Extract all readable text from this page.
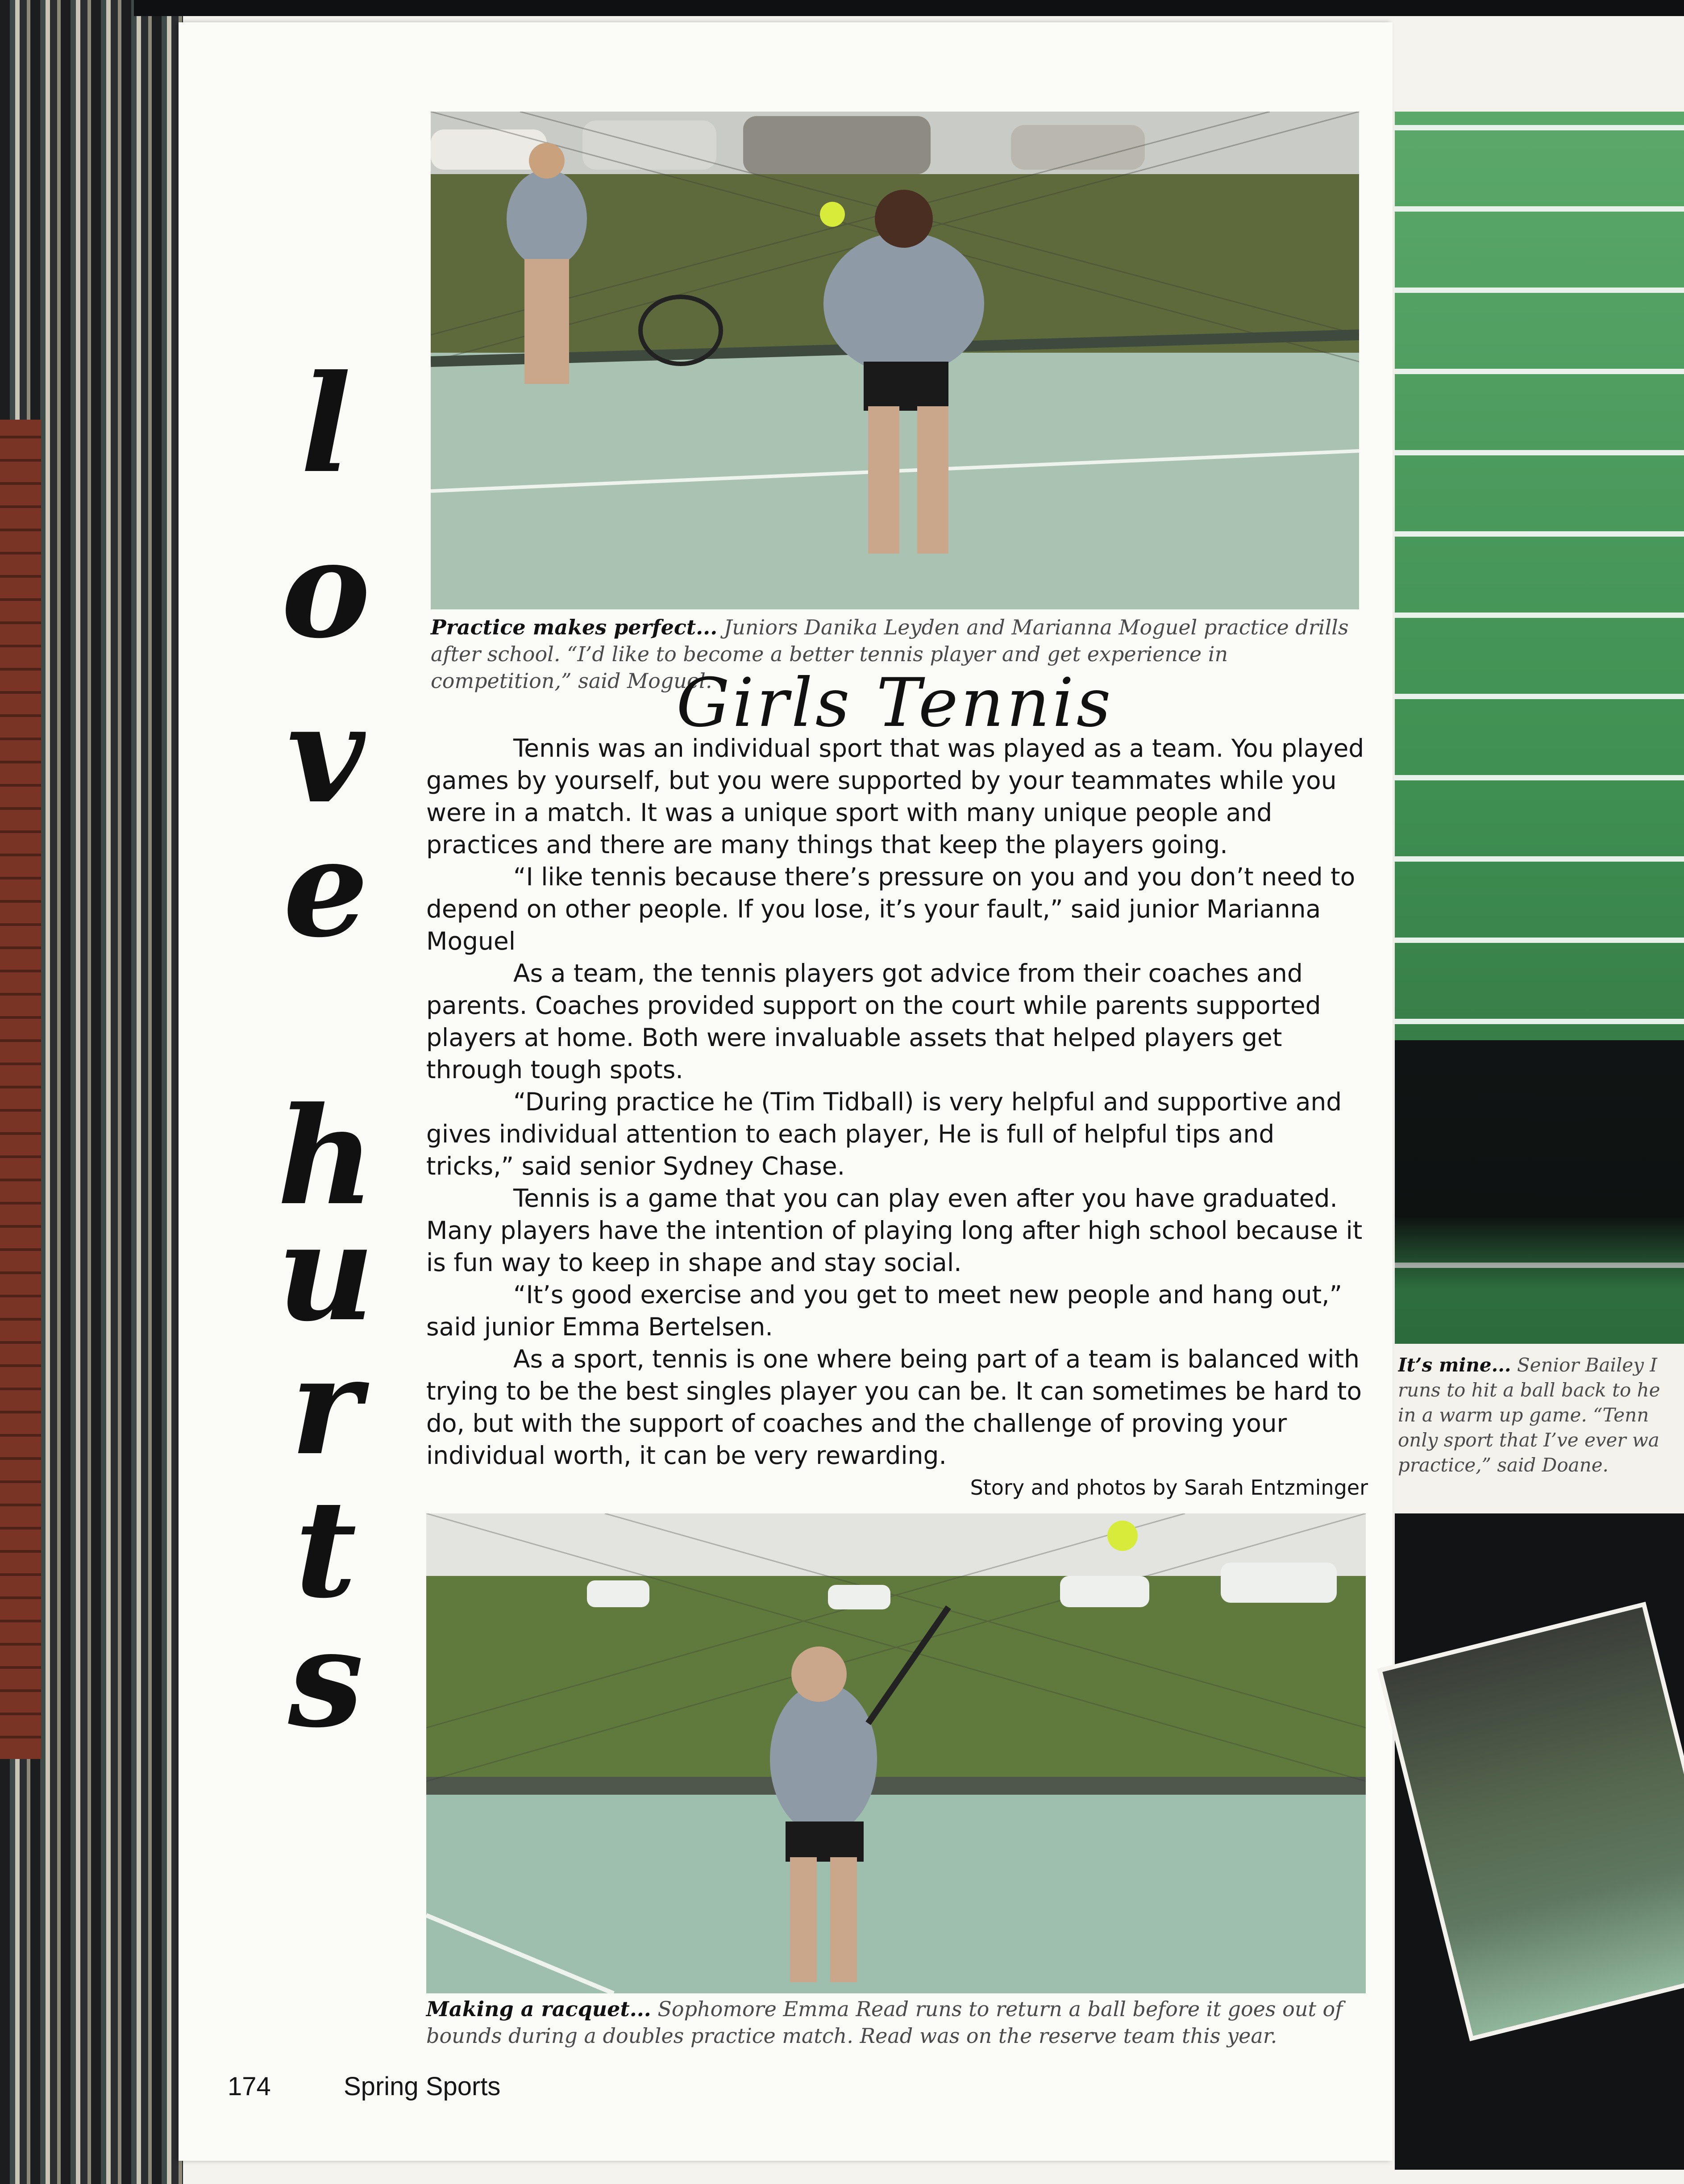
l
o
v
e
h
u
r
t
s
Practice makes perfect... Juniors Danika Leyden and Marianna Moguel practice drills after school. “I’d like to become a better tennis player and get experience in competition,” said Moguel.
Girls Tennis

Tennis was an individual sport that was played as a team. You played games by yourself, but you were supported by your teammates while you were in a match. It was a unique sport with many unique people and practices and there are many things that keep the players going.

“I like tennis because there’s pressure on you and you don’t need to depend on other people. If you lose, it’s your fault,” said junior Marianna Moguel

As a team, the tennis players got advice from their coaches and parents. Coaches provided support on the court while parents supported players at home. Both were invaluable assets that helped players get through tough spots.

“During practice he (Tim Tidball) is very helpful and supportive and gives individual attention to each player, He is full of helpful tips and tricks,” said senior Sydney Chase.

Tennis is a game that you can play even after you have graduated. Many players have the intention of playing long after high school because it is fun way to keep in shape and stay social.

“It’s good exercise and you get to meet new people and hang out,” said junior Emma Bertelsen.

As a sport, tennis is one where being part of a team is balanced with trying to be the best singles player you can be. It can sometimes be hard to do, but with the support of coaches and the challenge of proving your individual worth, it can be very rewarding.

Story and photos by Sarah Entzminger
Making a racquet... Sophomore Emma Read runs to return a ball before it goes out of bounds during a doubles practice match. Read was on the reserve team this year.
174	Spring Sports
It’s mine... Senior Bailey I
runs to hit a ball back to he
in a warm up game. “Tenn
only sport that I’ve ever wa
practice,” said Doane.
